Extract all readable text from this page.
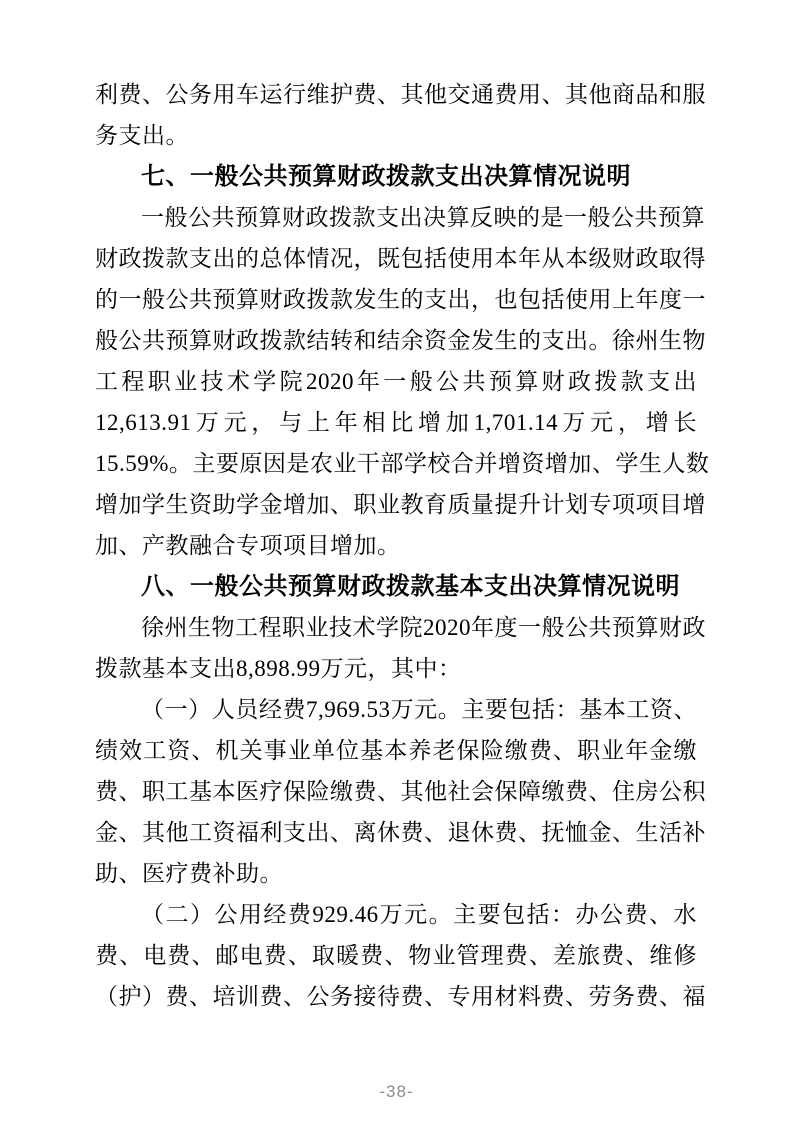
利费、公务用车运行维护费、其他交通费用、其他商品和服
务支出。
七、一般公共预算财政拨款支出决算情况说明
一般公共预算财政拨款支出决算反映的是一般公共预算
财政拨款支出的总体情况，既包括使用本年从本级财政取得
的一般公共预算财政拨款发生的支出，也包括使用上年度一
般公共预算财政拨款结转和结余资金发生的支出。徐州生物
工程职业技术学院2020年一般公共预算财政拨款支出
12,613.91万元，与上年相比增加1,701.14万元，增长
15.59%。主要原因是农业干部学校合并增资增加、学生人数
增加学生资助学金增加、职业教育质量提升计划专项项目增
加、产教融合专项项目增加。
八、一般公共预算财政拨款基本支出决算情况说明
徐州生物工程职业技术学院2020年度一般公共预算财政
拨款基本支出8,898.99万元，其中：
（一）人员经费7,969.53万元。主要包括：基本工资、
绩效工资、机关事业单位基本养老保险缴费、职业年金缴
费、职工基本医疗保险缴费、其他社会保障缴费、住房公积
金、其他工资福利支出、离休费、退休费、抚恤金、生活补
助、医疗费补助。
（二）公用经费929.46万元。主要包括：办公费、水
费、电费、邮电费、取暖费、物业管理费、差旅费、维修
（护）费、培训费、公务接待费、专用材料费、劳务费、福
-38-
